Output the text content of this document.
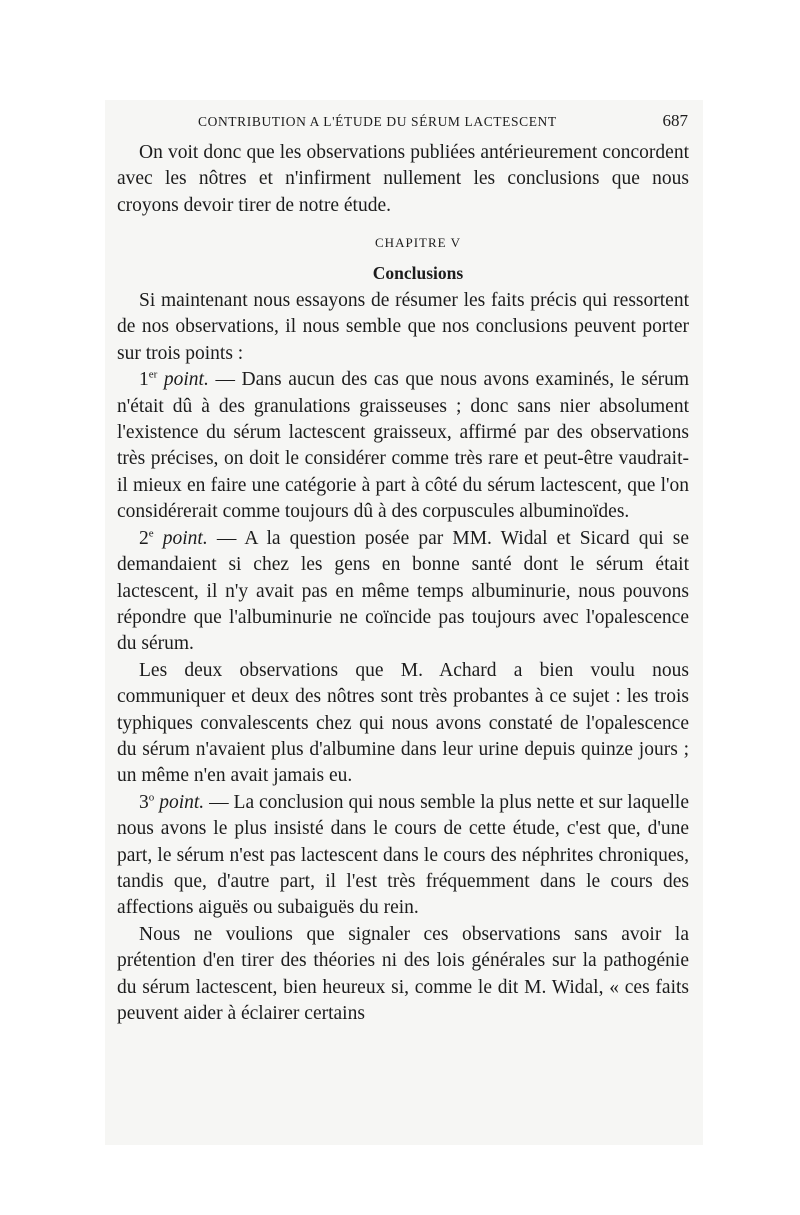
CONTRIBUTION A L'ÉTUDE DU SÉRUM LACTESCENT	687

On voit donc que les observations publiées antérieurement concordent avec les nôtres et n'infirment nullement les conclusions que nous croyons devoir tirer de notre étude.

CHAPITRE V

Conclusions

Si maintenant nous essayons de résumer les faits précis qui ressortent de nos observations, il nous semble que nos conclusions peuvent porter sur trois points :

1er point. — Dans aucun des cas que nous avons examinés, le sérum n'était dû à des granulations graisseuses ; donc sans nier absolument l'existence du sérum lactescent graisseux, affirmé par des observations très précises, on doit le considérer comme très rare et peut-être vaudrait-il mieux en faire une catégorie à part à côté du sérum lactescent, que l'on considérerait comme toujours dû à des corpuscules albuminoïdes.

2e point. — A la question posée par MM. Widal et Sicard qui se demandaient si chez les gens en bonne santé dont le sérum était lactescent, il n'y avait pas en même temps albuminurie, nous pouvons répondre que l'albuminurie ne coïncide pas toujours avec l'opalescence du sérum.

Les deux observations que M. Achard a bien voulu nous communiquer et deux des nôtres sont très probantes à ce sujet : les trois typhiques convalescents chez qui nous avons constaté de l'opalescence du sérum n'avaient plus d'albumine dans leur urine depuis quinze jours ; un même n'en avait jamais eu.

3$^o$ point. — La conclusion qui nous semble la plus nette et sur laquelle nous avons le plus insisté dans le cours de cette étude, c'est que, d'une part, le sérum n'est pas lactescent dans le cours des néphrites chroniques, tandis que, d'autre part, il l'est très fréquemment dans le cours des affections aiguës ou subaiguës du rein.

Nous ne voulions que signaler ces observations sans avoir la prétention d'en tirer des théories ni des lois générales sur la pathogénie du sérum lactescent, bien heureux si, comme le dit M. Widal, « ces faits peuvent aider à éclairer certains
